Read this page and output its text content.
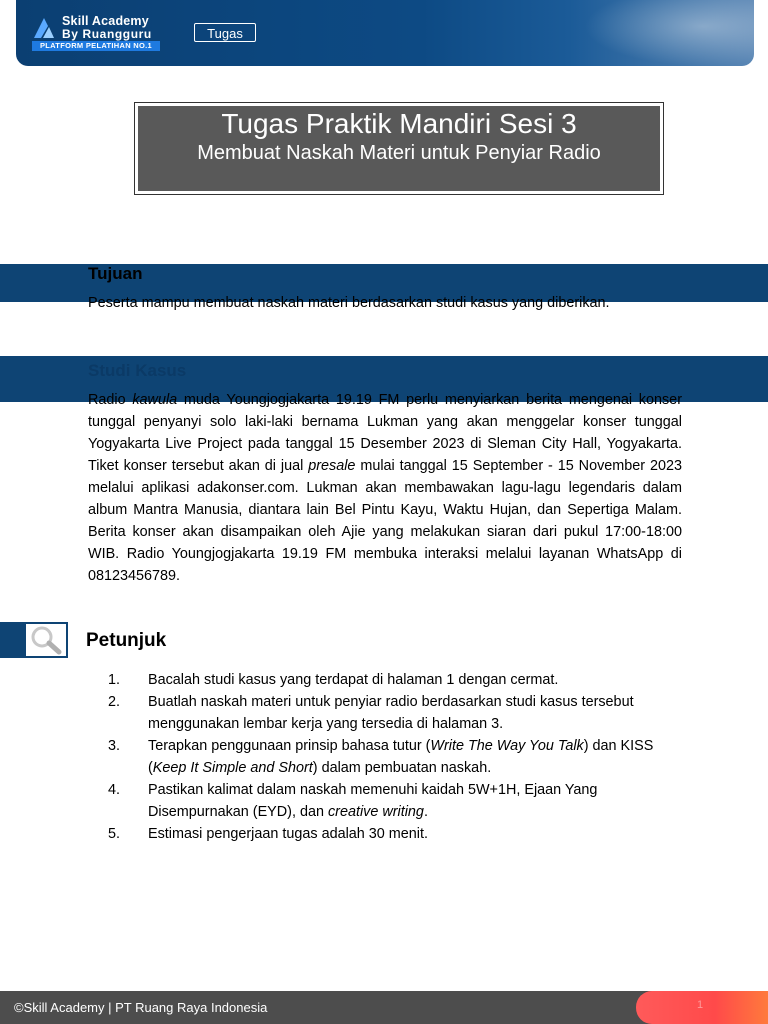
Skill Academy
By Ruangguru
PLATFORM PELATIHAN NO.1
Tugas
Tugas Praktik Mandiri Sesi 3
Membuat Naskah Materi untuk Penyiar Radio
Tujuan
Peserta mampu membuat naskah materi berdasarkan studi kasus yang diberikan.
Studi Kasus
Radio kawula muda Youngjogjakarta 19.19 FM perlu menyiarkan berita mengenai konser tunggal penyanyi solo laki-laki bernama Lukman yang akan menggelar konser tunggal Yogyakarta Live Project pada tanggal 15 Desember 2023 di Sleman City Hall, Yogyakarta. Tiket konser tersebut akan di jual presale mulai tanggal 15 September - 15 November 2023 melalui aplikasi adakonser.com. Lukman akan membawakan lagu-lagu legendaris dalam album Mantra Manusia, diantara lain Bel Pintu Kayu, Waktu Hujan, dan Sepertiga Malam. Berita konser akan disampaikan oleh Ajie yang melakukan siaran dari pukul 17:00-18:00 WIB. Radio Youngjogjakarta 19.19 FM membuka interaksi melalui layanan WhatsApp di 08123456789.
Petunjuk
1. Bacalah studi kasus yang terdapat di halaman 1 dengan cermat.
2. Buatlah naskah materi untuk penyiar radio berdasarkan studi kasus tersebut menggunakan lembar kerja yang tersedia di halaman 3.
3. Terapkan penggunaan prinsip bahasa tutur (Write The Way You Talk) dan KISS (Keep It Simple and Short) dalam pembuatan naskah.
4. Pastikan kalimat dalam naskah memenuhi kaidah 5W+1H, Ejaan Yang Disempurnakan (EYD), dan creative writing.
5. Estimasi pengerjaan tugas adalah 30 menit.
©Skill Academy | PT Ruang Raya Indonesia	1
